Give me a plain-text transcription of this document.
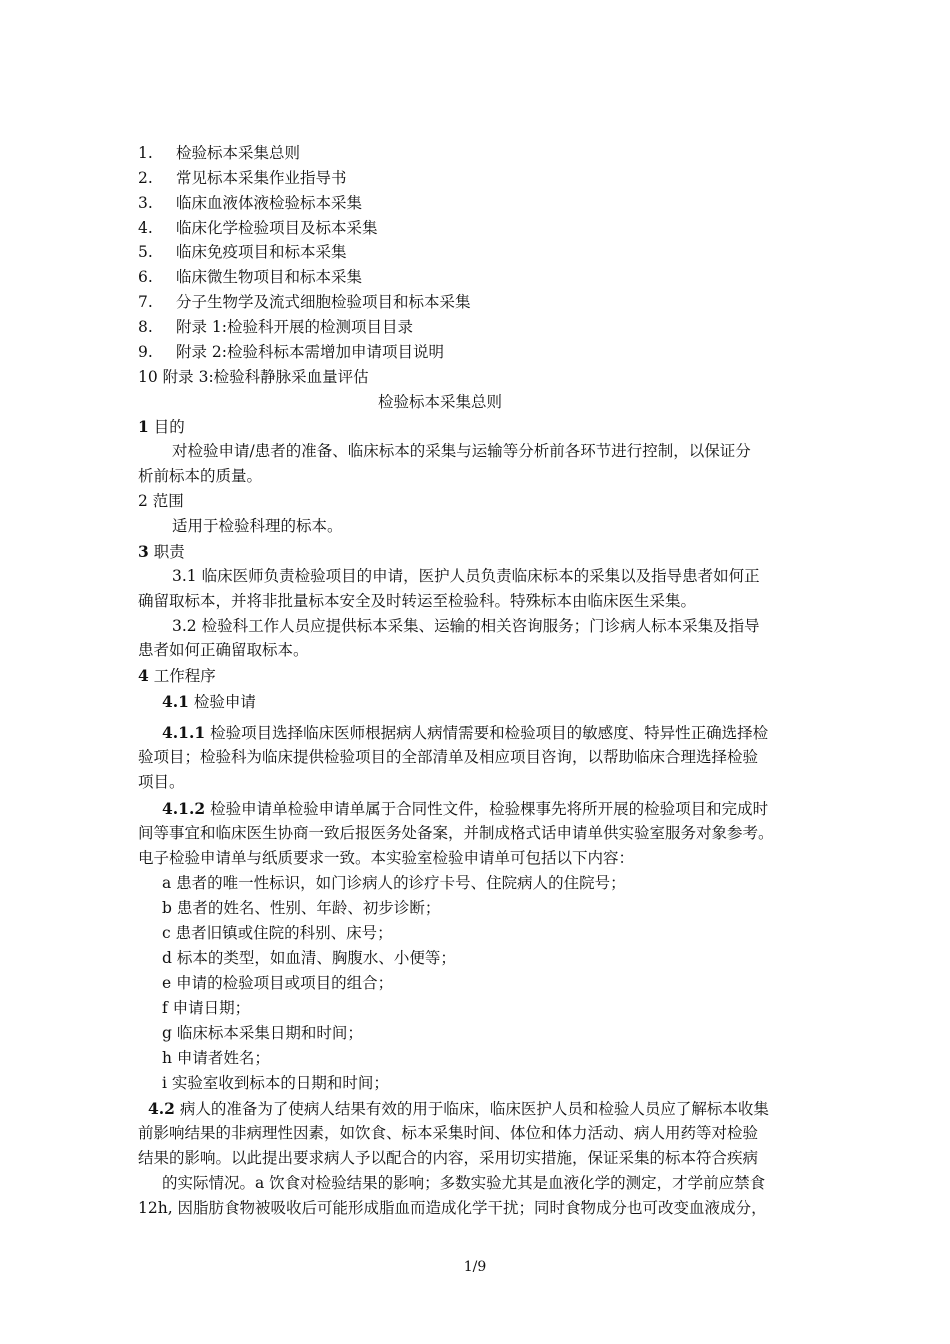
1. 检验标本采集总则
2. 常见标本采集作业指导书
3. 临床血液体液检验标本采集
4. 临床化学检验项目及标本采集
5. 临床免疫项目和标本采集
6. 临床微生物项目和标本采集
7. 分子生物学及流式细胞检验项目和标本采集
8. 附录 1:检验科开展的检测项目目录
9. 附录 2:检验科标本需增加申请项目说明
10 附录 3:检验科静脉采血量评估
检验标本采集总则
1 目的
对检验申请/患者的准备、临床标本的采集与运输等分析前各环节进行控制，以保证分
析前标本的质量。
2 范围
适用于检验科理的标本。
3 职责
3.1 临床医师负责检验项目的申请，医护人员负责临床标本的采集以及指导患者如何正
确留取标本，并将非批量标本安全及时转运至检验科。特殊标本由临床医生采集。
3.2 检验科工作人员应提供标本采集、运输的相关咨询服务；门诊病人标本采集及指导
患者如何正确留取标本。
4 工作程序
4.1 检验申请
4.1.1 检验项目选择临床医师根据病人病情需要和检验项目的敏感度、特异性正确选择检
验项目；检验科为临床提供检验项目的全部清单及相应项目咨询，以帮助临床合理选择检验
项目。
4.1.2 检验申请单检验申请单属于合同性文件，检验棵事先将所开展的检验项目和完成时
间等事宜和临床医生协商一致后报医务处备案，并制成格式话申请单供实验室服务对象参考。
电子检验申请单与纸质要求一致。本实验室检验申请单可包括以下内容：
a 患者的唯一性标识，如门诊病人的诊疗卡号、住院病人的住院号；
b 患者的姓名、性别、年龄、初步诊断；
c 患者旧镇或住院的科别、床号；
d 标本的类型，如血清、胸腹水、小便等；
e 申请的检验项目或项目的组合；
f 申请日期；
g 临床标本采集日期和时间；
h 申请者姓名；
i 实验室收到标本的日期和时间；
4.2 病人的准备为了使病人结果有效的用于临床，临床医护人员和检验人员应了解标本收集
前影响结果的非病理性因素，如饮食、标本采集时间、体位和体力活动、病人用药等对检验
结果的影响。以此提出要求病人予以配合的内容，采用切实措施，保证采集的标本符合疾病
的实际情况。a 饮食对检验结果的影响；多数实验尤其是血液化学的测定，才学前应禁食
12h, 因脂肪食物被吸收后可能形成脂血而造成化学干扰；同时食物成分也可改变血液成分，
1/9
